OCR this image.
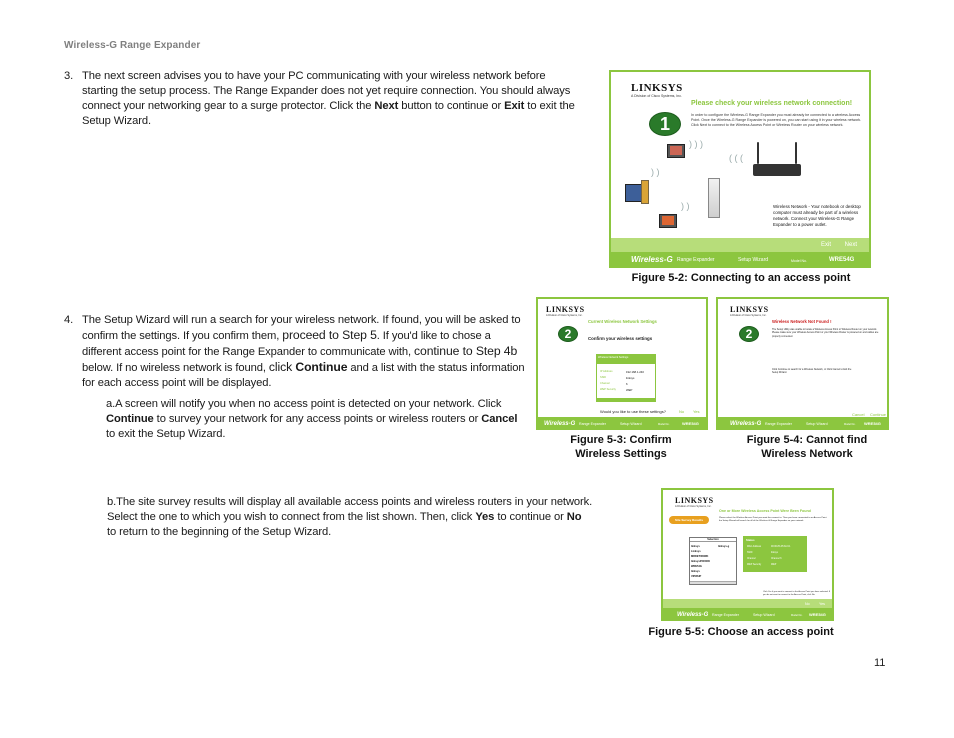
Wireless-G Range Expander
3. The next screen advises you to have your PC communicating with your wireless network before starting the setup process. The Range Expander does not yet require connection. You should always connect your networking gear to a surge protector. Click the Next button to continue or Exit to exit the Setup Wizard.
LINKSYS
A Division of Cisco Systems, Inc.
Please check your wireless network connection!
1	In order to configure the Wireless-G Range Expander you must already be connected to a wireless Access Point. Once the Wireless-G Range Expander is powered on, you can start using it in your wireless network. Click Next to connect to the Wireless Access Point or Wireless Router on your wireless network.
) ) )
( ( (
) )
) )	Wireless Network - Your notebook or desktop computer must already be part of a wireless network. Connect your Wireless-G Range Expander to a power outlet.
Exit Next
Wireless-G Range Expander	Setup Wizard	Model No.	WRE54G
Figure 5-2: Connecting to an access point
4. The Setup Wizard will run a search for your wireless network. If found, you will be asked to confirm the settings. If you confirm them, proceed to Step 5. If you'd like to chose a different access point for the Range Expander to communicate with, continue to Step 4b below. If no wireless network is found, click Continue and a list with the status information for each access point will be displayed.
a.A screen will notify you when no access point is detected on your network. Click Continue to survey your network for any access points or wireless routers or Cancel to exit the Setup Wizard.
LINKSYS
A Division of Cisco Systems, Inc.
Current Wireless Network Settings
2	Confirm your wireless settings
Wireless Network Settings
IP Address	192.168.1.240
SSID	linksys
Channel	6
WEP Security	WEP
Would you like to use these settings?	No Yes
Wireless-G Range Expander	Setup Wizard	Model No.	WRE54G
Figure 5-3: Confirm
Wireless Settings
LINKSYS
A Division of Cisco Systems, Inc.
Wireless Network Not Found !
2	The Setup Utility was unable to locate a Wireless Access Point or Wireless Router on your network. Please make sure your Wireless Access Point or your Wireless Router is powered on and cables are properly connected.
Click Continue to search for a Wireless Network, or Click Cancel to Exit the Setup Wizard.
Cancel Continue
Wireless-G Range Expander	Setup Wizard	Model No. WRE54G
Figure 5-4: Cannot find
Wireless Network
b.The site survey results will display all available access points and wireless routers in your network. Select the one to which you wish to connect from the list shown. Then, click Yes to continue or No to return to the beginning of the Setup Wizard.
LINKSYS
A Division of Cisco Systems, Inc.
One or More Wireless Access Point Were Been Found
Site Survey Results	Please select the Wireless Access Point you want the connect to. Then you have connected to an Access Point the Setup Wizard will search for all of the Wireless-G Range Expander on your network.
Selection
linksys	linksys-g
Linksys
MRDETWORK
linksys2500000
WRE54G
linksys
VIPWHP
Status
MAC Address	00:06:25:A5:3A:C1
SSID	linksys
Channel	Channel 6
WEP Security	WEP
Click Yes if you want to connect to the Access Point you have selected. If you do not want to connect to the Access Point, click No.
No	Yes
Wireless-G Range Expander	Setup Wizard	Model No. WRE54G
Figure 5-5: Choose an access point
11
